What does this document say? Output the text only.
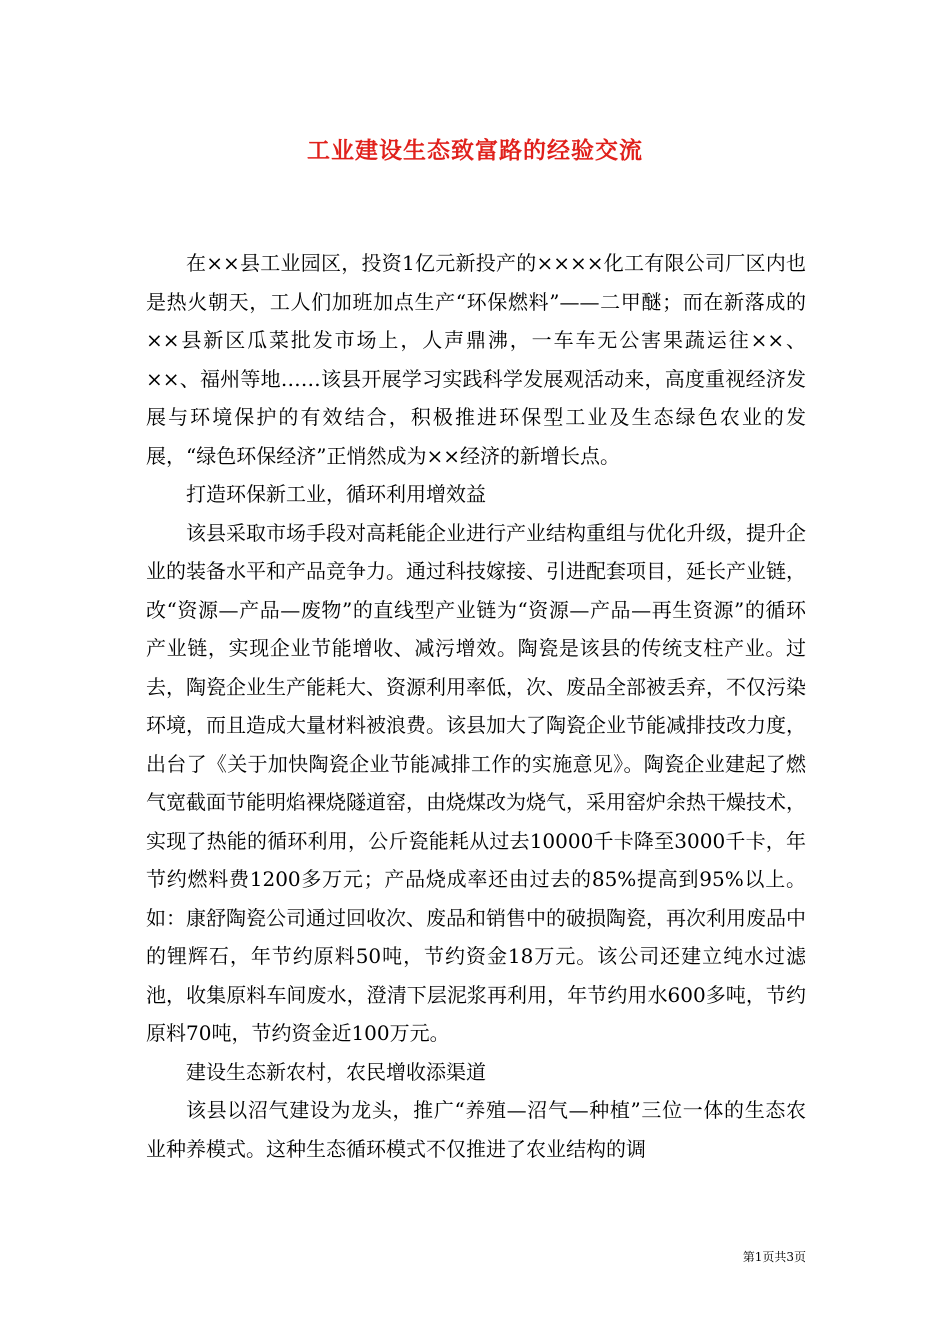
工业建设生态致富路的经验交流

在××县工业园区，投资1亿元新投产的××××化工有限公司厂区内也是热火朝天，工人们加班加点生产“环保燃料”——二甲醚；而在新落成的××县新区瓜菜批发市场上，人声鼎沸，一车车无公害果蔬运往××、××、福州等地……该县开展学习实践科学发展观活动来，高度重视经济发展与环境保护的有效结合，积极推进环保型工业及生态绿色农业的发展，“绿色环保经济”正悄然成为××经济的新增长点。

打造环保新工业，循环利用增效益

该县采取市场手段对高耗能企业进行产业结构重组与优化升级，提升企业的装备水平和产品竞争力。通过科技嫁接、引进配套项目，延长产业链，改“资源—产品—废物”的直线型产业链为“资源—产品—再生资源”的循环产业链，实现企业节能增收、减污增效。陶瓷是该县的传统支柱产业。过去，陶瓷企业生产能耗大、资源利用率低，次、废品全部被丢弃，不仅污染环境，而且造成大量材料被浪费。该县加大了陶瓷企业节能减排技改力度，出台了《关于加快陶瓷企业节能减排工作的实施意见》。陶瓷企业建起了燃气宽截面节能明焰裸烧隧道窑，由烧煤改为烧气，采用窑炉余热干燥技术，实现了热能的循环利用，公斤瓷能耗从过去10000千卡降至3000千卡，年节约燃料费1200多万元；产品烧成率还由过去的85%提高到95%以上。如：康舒陶瓷公司通过回收次、废品和销售中的破损陶瓷，再次利用废品中的锂辉石，年节约原料50吨，节约资金18万元。该公司还建立纯水过滤池，收集原料车间废水，澄清下层泥浆再利用，年节约用水600多吨，节约原料70吨，节约资金近100万元。

建设生态新农村，农民增收添渠道

该县以沼气建设为龙头，推广“养殖—沼气—种植”三位一体的生态农业种养模式。这种生态循环模式不仅推进了农业结构的调

第1页共3页
